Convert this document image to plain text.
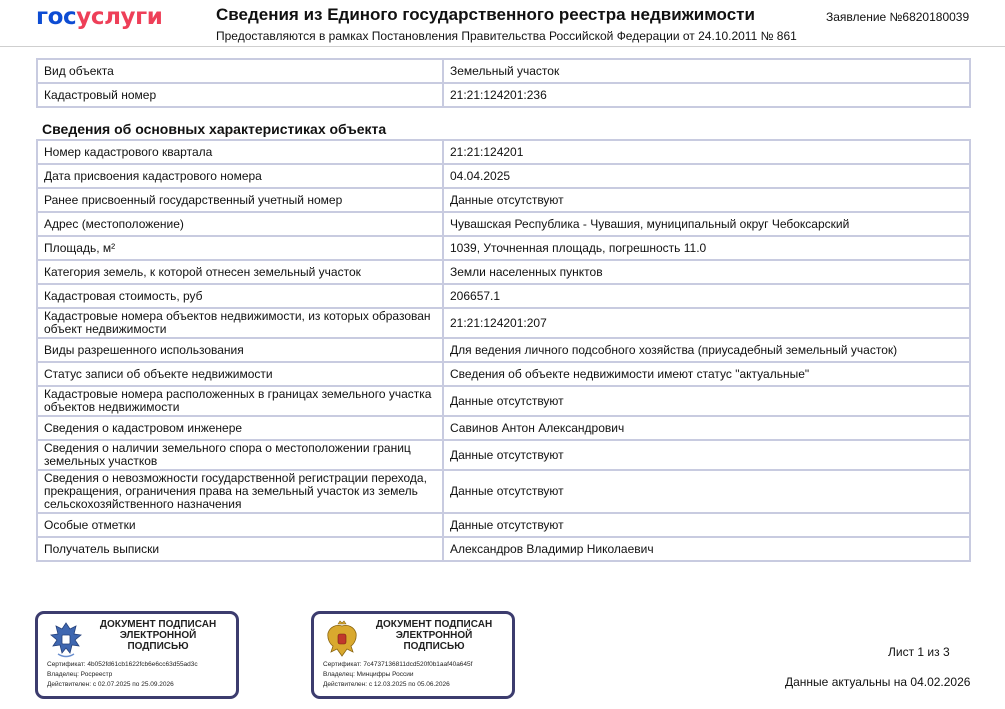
госуслуги	Сведения из Единого государственного реестра недвижимости
Предоставляются в рамках Постановления Правительства Российской Федерации от 24.10.2011 № 861
Заявление №6820180039
Вид объекта	Земельный участок
Кадастровый номер	21:21:124201:236
Сведения об основных характеристиках объекта
Номер кадастрового квартала	21:21:124201
Дата присвоения кадастрового номера	04.04.2025
Ранее присвоенный государственный учетный номер	Данные отсутствуют
Адрес (местоположение)	Чувашская Республика - Чувашия, муниципальный округ Чебоксарский
Площадь, м²	1039, Уточненная площадь, погрешность 11.0
Категория земель, к которой отнесен земельный участок	Земли населенных пунктов
Кадастровая стоимость, руб	206657.1
Кадастровые номера объектов недвижимости, из которых образован объект недвижимости	21:21:124201:207
Виды разрешенного использования	Для ведения личного подсобного хозяйства (приусадебный земельный участок)
Статус записи об объекте недвижимости	Сведения об объекте недвижимости имеют статус "актуальные"
Кадастровые номера расположенных в границах земельного участка объектов недвижимости	Данные отсутствуют
Сведения о кадастровом инженере	Савинов Антон Александрович
Сведения о наличии земельного спора о местоположении границ земельных участков	Данные отсутствуют
Сведения о невозможности государственной регистрации перехода, прекращения, ограничения права на земельный участок из земель сельскохозяйственного назначения	Данные отсутствуют
Особые отметки	Данные отсутствуют
Получатель выписки	Александров Владимир Николаевич
ДОКУМЕНТ ПОДПИСАН ЭЛЕКТРОННОЙ ПОДПИСЬЮ
Сертификат: 4b052fd61cb1622fcb6e6cc63d55ad3c
Владелец: Росреестр
Действителен: с 02.07.2025 по 25.09.2026
ДОКУМЕНТ ПОДПИСАН ЭЛЕКТРОННОЙ ПОДПИСЬЮ
Сертификат: 7c4737136811dcd520f0b1aaf40a645f
Владелец: Минцифры России
Действителен: с 12.03.2025 по 05.06.2026
Лист 1 из 3
Данные актуальны на 04.02.2026
